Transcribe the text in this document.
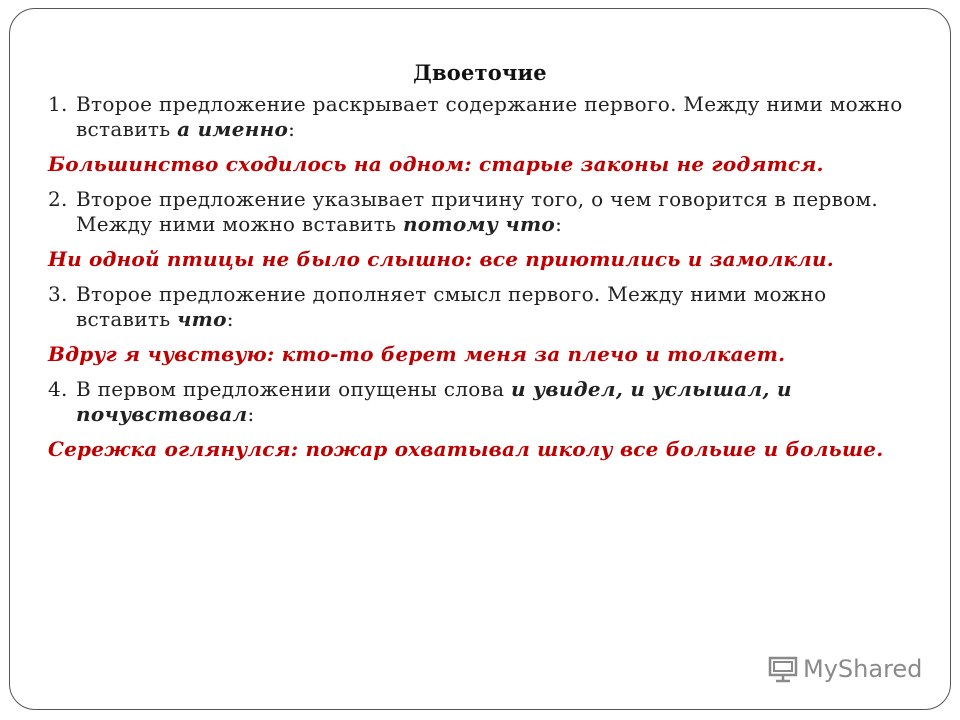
Двоеточие
1. Второе предложение раскрывает содержание первого. Между ними можно вставить а именно:
Большинство сходилось на одном: старые законы не годятся.
2. Второе предложение указывает причину того, о чем говорится в первом. Между ними можно вставить потому что:
Ни одной птицы не было слышно: все приютились и замолкли.
3. Второе предложение дополняет смысл первого. Между ними можно вставить что:
Вдруг я чувствую: кто-то берет меня за плечо и толкает.
4. В первом предложении опущены слова и увидел, и услышал, и почувствовал:
Сережка оглянулся: пожар охватывал школу все больше и больше.
MyShared
